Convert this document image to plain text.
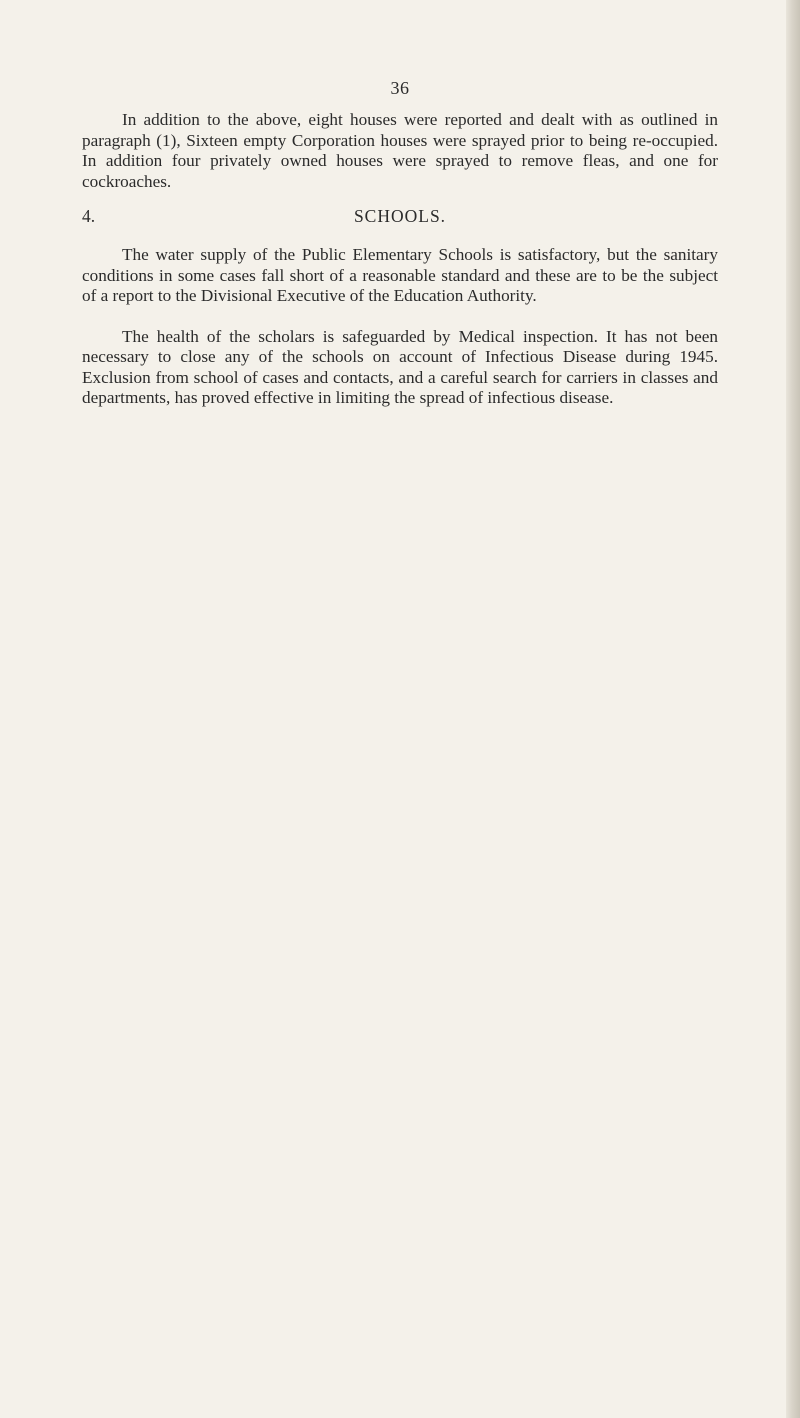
36

In addition to the above, eight houses were reported and dealt with as outlined in paragraph (1), Sixteen empty Corporation houses were sprayed prior to being re-occupied. In addition four privately owned houses were sprayed to remove fleas, and one for cockroaches.

4.	SCHOOLS.

The water supply of the Public Elementary Schools is satisfactory, but the sanitary conditions in some cases fall short of a reasonable standard and these are to be the subject of a report to the Divisional Executive of the Education Authority.

The health of the scholars is safeguarded by Medical inspection. It has not been necessary to close any of the schools on account of Infectious Disease during 1945. Exclusion from school of cases and contacts, and a careful search for carriers in classes and departments, has proved effective in limiting the spread of infectious disease.
